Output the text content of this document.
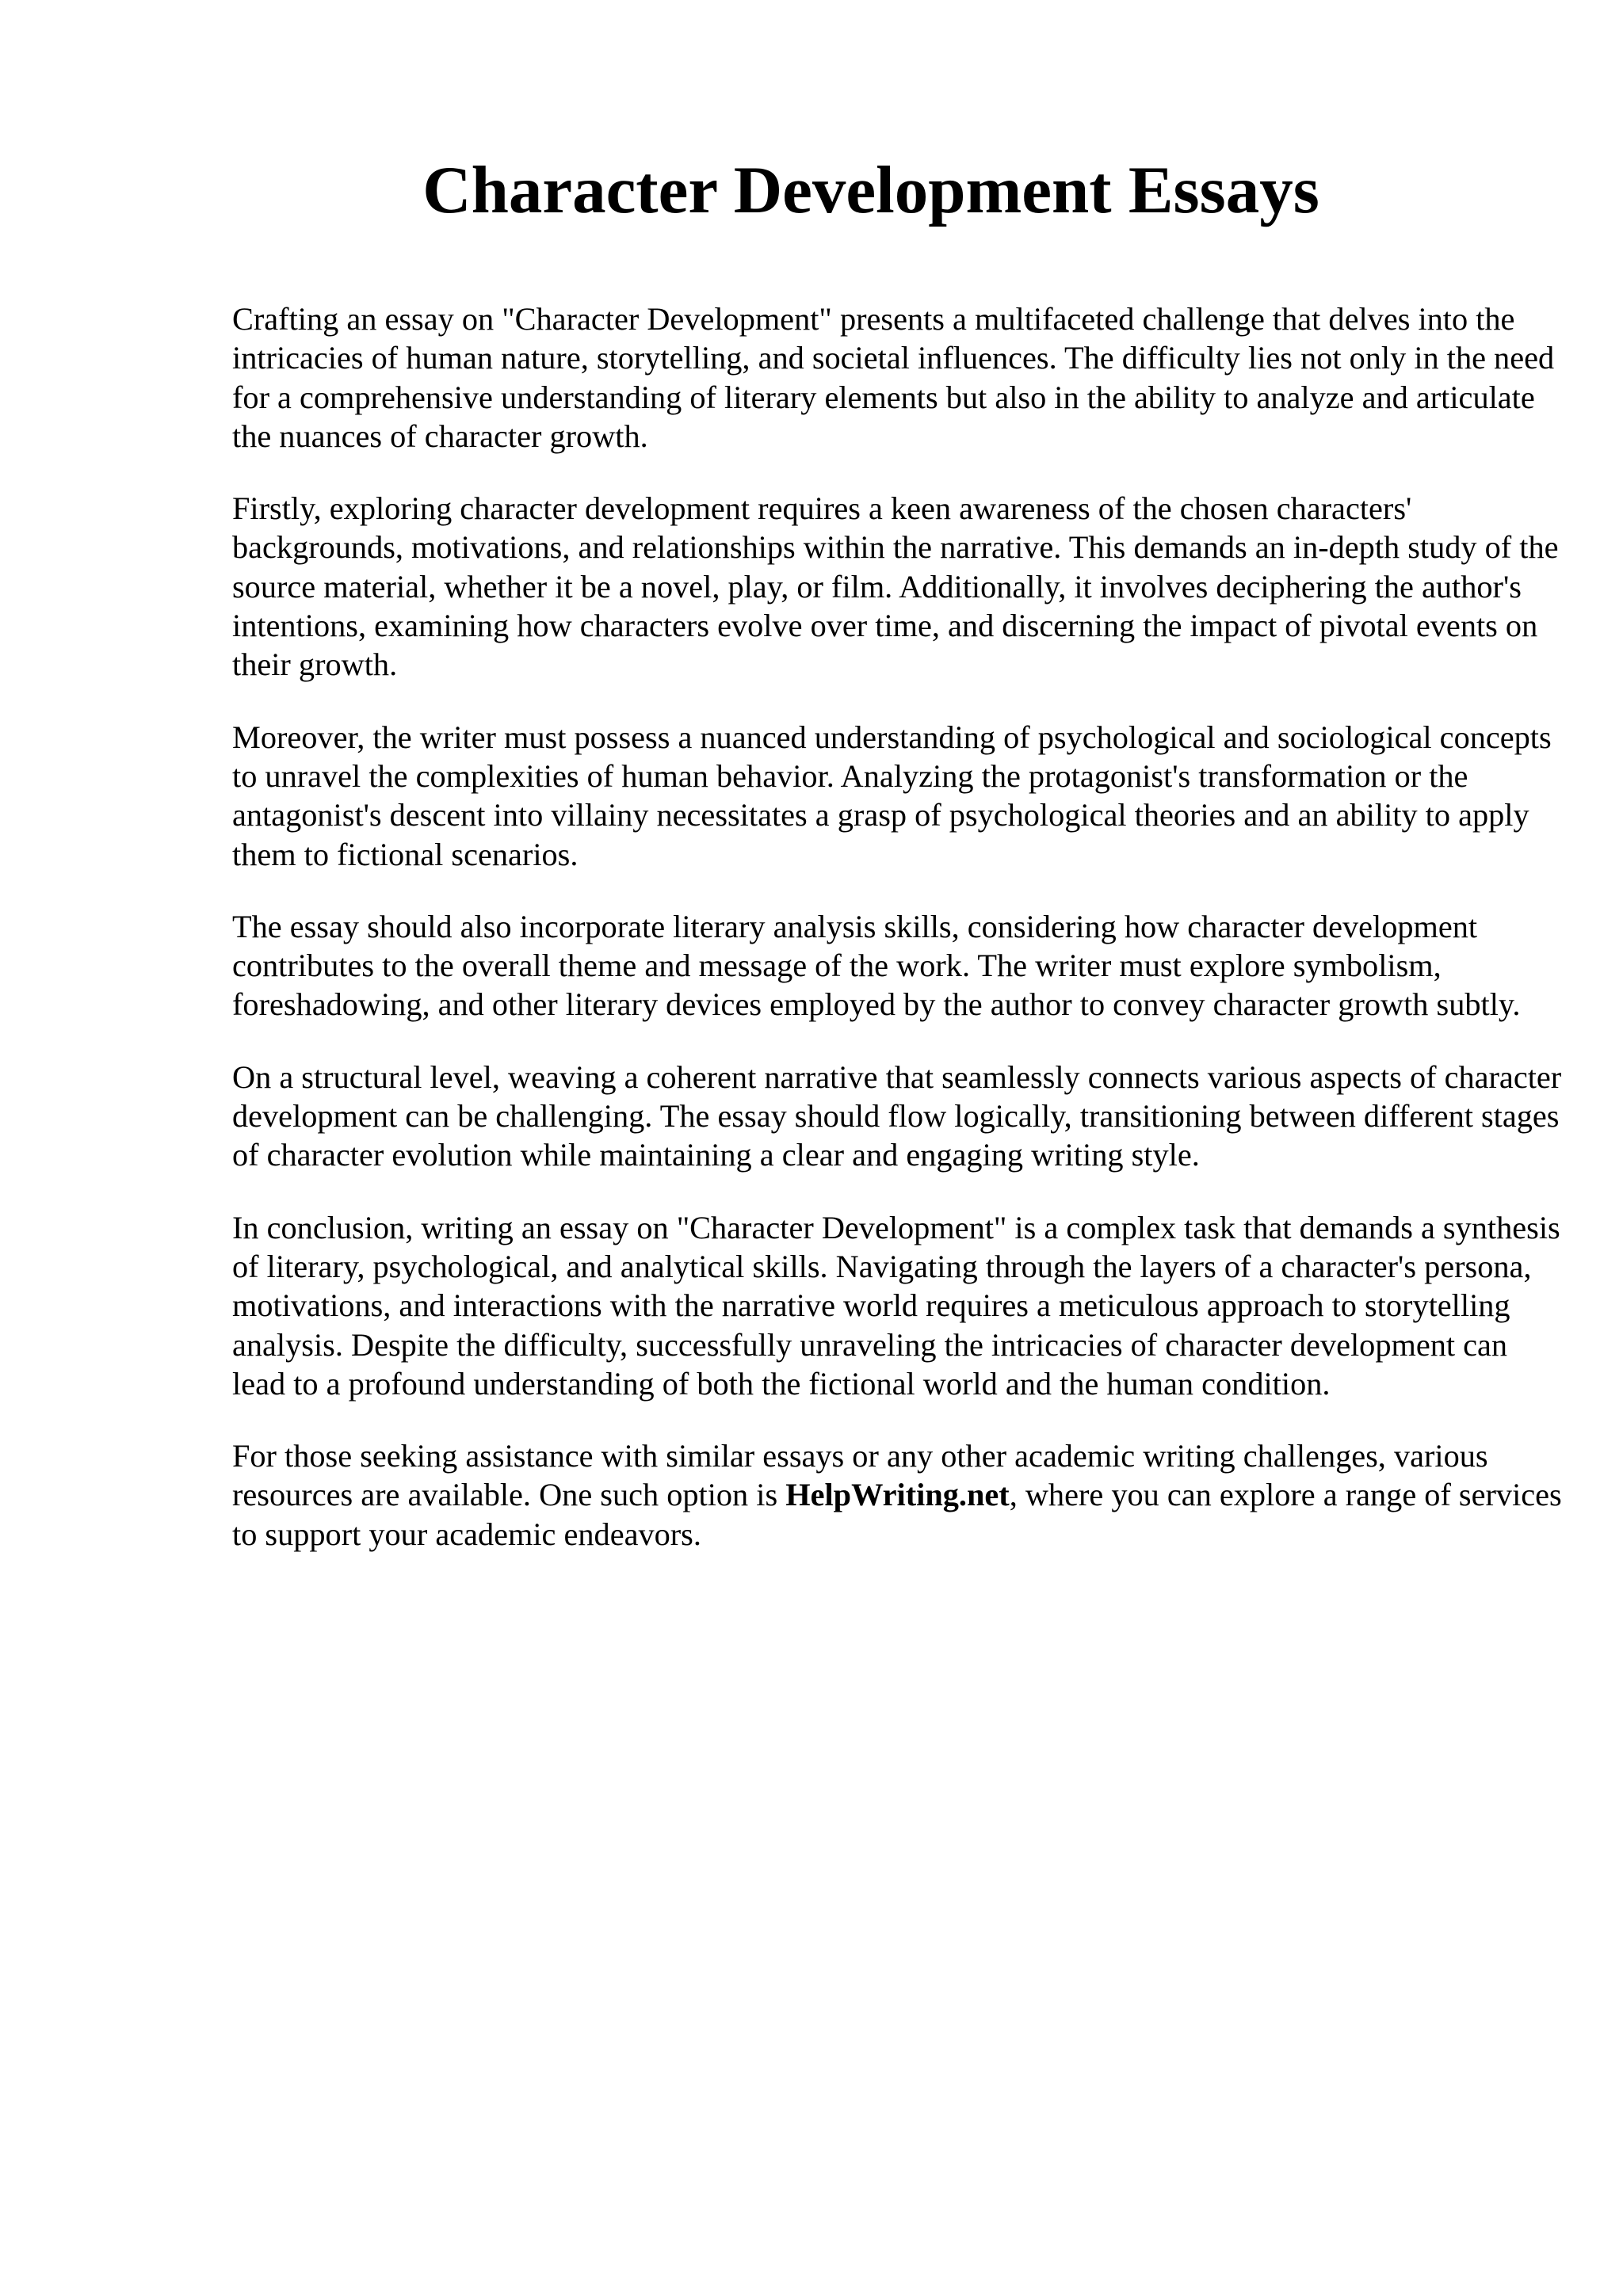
Character Development Essays

Crafting an essay on "Character Development" presents a multifaceted challenge that delves into the intricacies of human nature, storytelling, and societal influences. The difficulty lies not only in the need for a comprehensive understanding of literary elements but also in the ability to analyze and articulate the nuances of character growth.

Firstly, exploring character development requires a keen awareness of the chosen characters' backgrounds, motivations, and relationships within the narrative. This demands an in-depth study of the source material, whether it be a novel, play, or film. Additionally, it involves deciphering the author's intentions, examining how characters evolve over time, and discerning the impact of pivotal events on their growth.

Moreover, the writer must possess a nuanced understanding of psychological and sociological concepts to unravel the complexities of human behavior. Analyzing the protagonist's transformation or the antagonist's descent into villainy necessitates a grasp of psychological theories and an ability to apply them to fictional scenarios.

The essay should also incorporate literary analysis skills, considering how character development contributes to the overall theme and message of the work. The writer must explore symbolism, foreshadowing, and other literary devices employed by the author to convey character growth subtly.

On a structural level, weaving a coherent narrative that seamlessly connects various aspects of character development can be challenging. The essay should flow logically, transitioning between different stages of character evolution while maintaining a clear and engaging writing style.

In conclusion, writing an essay on "Character Development" is a complex task that demands a synthesis of literary, psychological, and analytical skills. Navigating through the layers of a character's persona, motivations, and interactions with the narrative world requires a meticulous approach to storytelling analysis. Despite the difficulty, successfully unraveling the intricacies of character development can lead to a profound understanding of both the fictional world and the human condition.

For those seeking assistance with similar essays or any other academic writing challenges, various resources are available. One such option is HelpWriting.net, where you can explore a range of services to support your academic endeavors.
